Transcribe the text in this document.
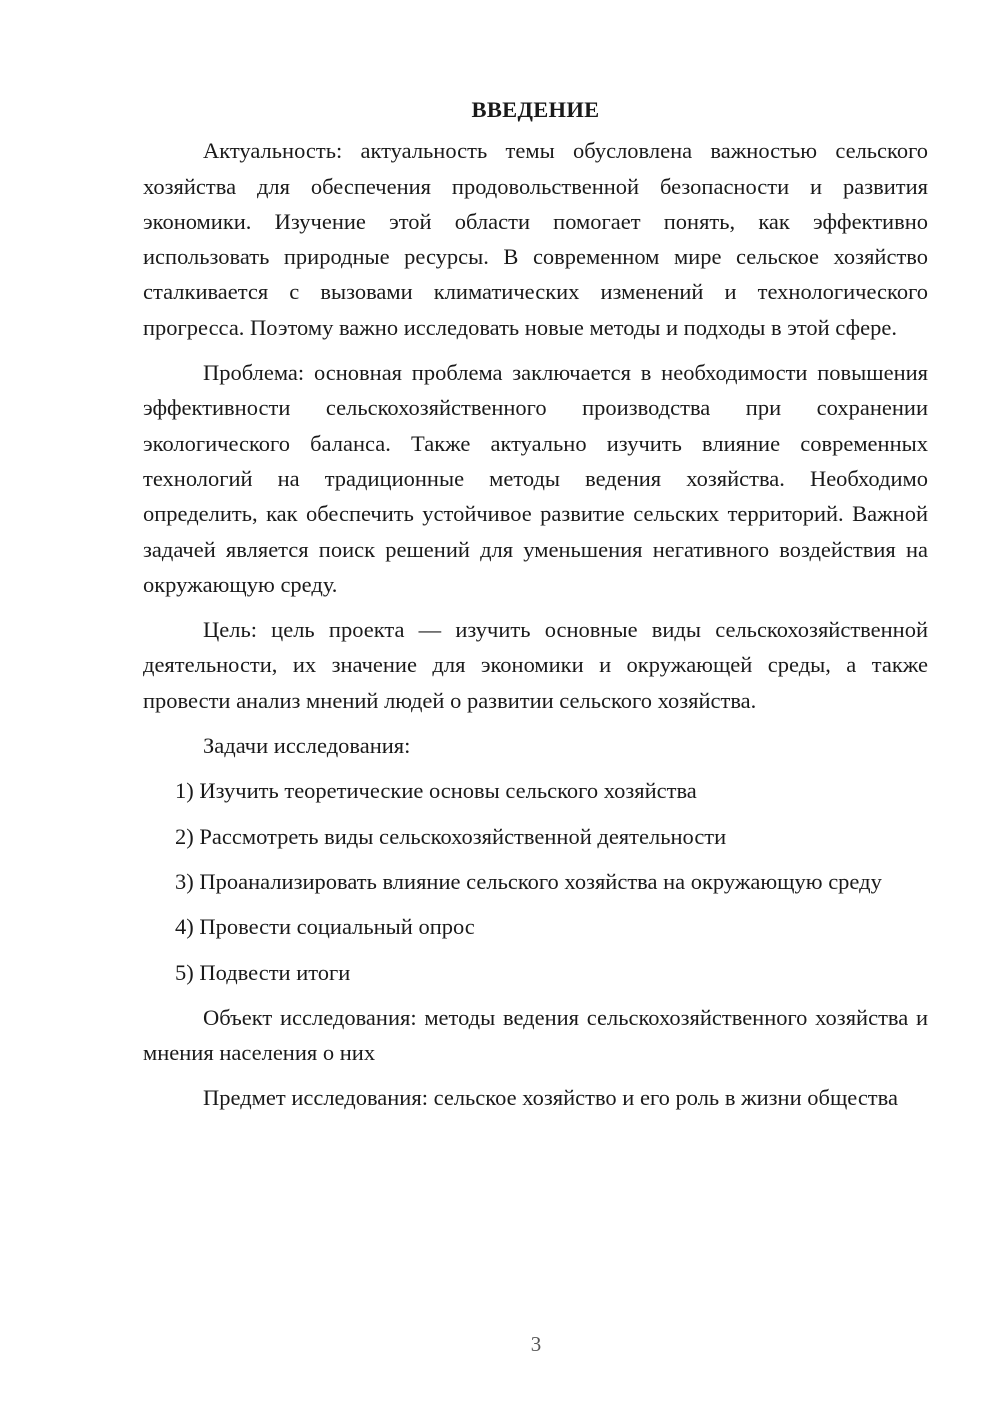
ВВЕДЕНИЕ

Актуальность: актуальность темы обусловлена важностью сельского хозяйства для обеспечения продовольственной безопасности и развития экономики. Изучение этой области помогает понять, как эффективно использовать природные ресурсы. В современном мире сельское хозяйство сталкивается с вызовами климатических изменений и технологического прогресса. Поэтому важно исследовать новые методы и подходы в этой сфере.

Проблема: основная проблема заключается в необходимости повышения эффективности сельскохозяйственного производства при сохранении экологического баланса. Также актуально изучить влияние современных технологий на традиционные методы ведения хозяйства. Необходимо определить, как обеспечить устойчивое развитие сельских территорий. Важной задачей является поиск решений для уменьшения негативного воздействия на окружающую среду.

Цель: цель проекта — изучить основные виды сельскохозяйственной деятельности, их значение для экономики и окружающей среды, а также провести анализ мнений людей о развитии сельского хозяйства.

Задачи исследования:

1) Изучить теоретические основы сельского хозяйства

2) Рассмотреть виды сельскохозяйственной деятельности

3) Проанализировать влияние сельского хозяйства на окружающую среду

4) Провести социальный опрос

5) Подвести итоги

Объект исследования: методы ведения сельскохозяйственного хозяйства и мнения населения о них

Предмет исследования: сельское хозяйство и его роль в жизни общества

3
